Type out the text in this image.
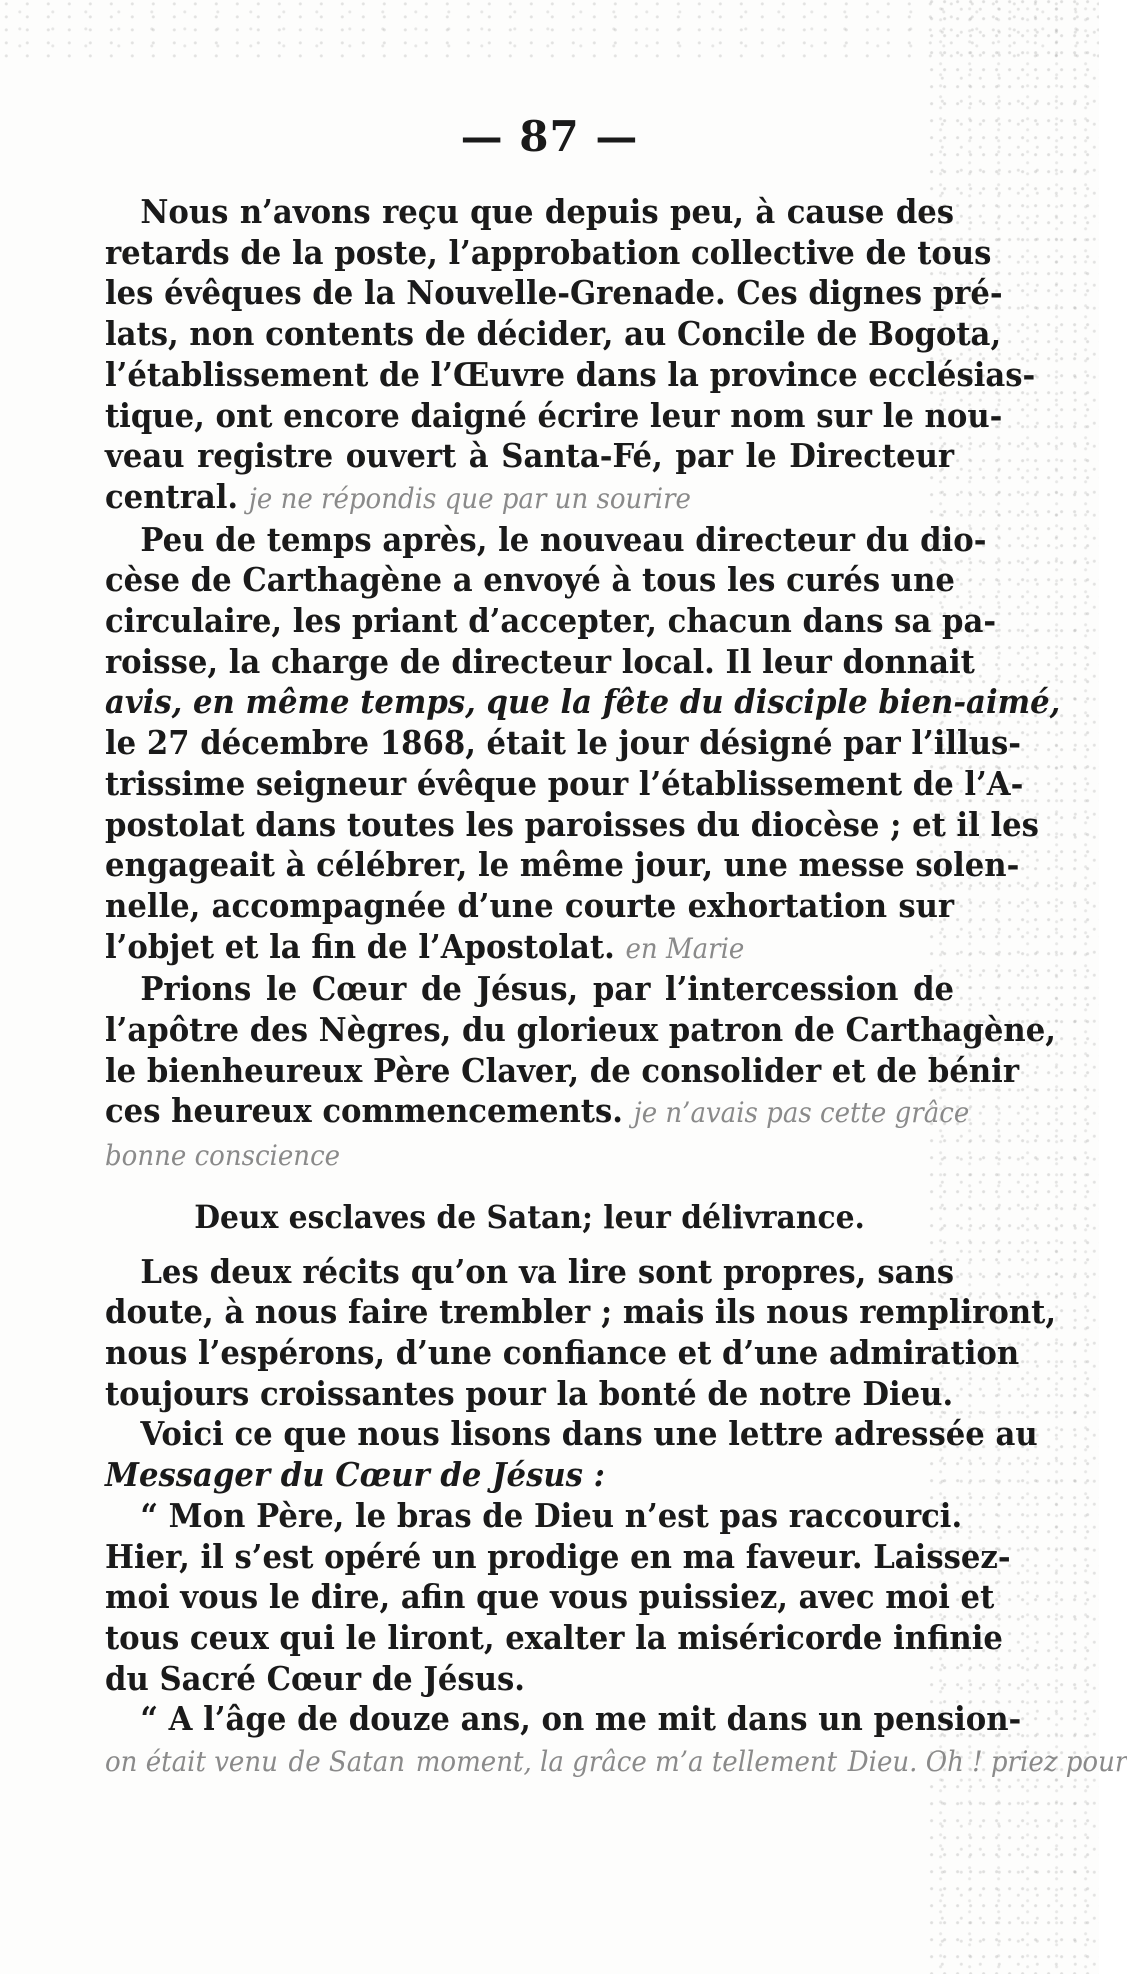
— 87 —
Nous n’avons reçu que depuis peu, à cause des
retards de la poste, l’approbation collective de tous
les évêques de la Nouvelle-Grenade. Ces dignes pré-
lats, non contents de décider, au Concile de Bogota,
l’établissement de l’Œuvre dans la province ecclésias-
tique, ont encore daigné écrire leur nom sur le nou-
veau registre ouvert à Santa-Fé, par le Directeur
central. je ne répondis que par un sourire
Peu de temps après, le nouveau directeur du dio-
cèse de Carthagène a envoyé à tous les curés une
circulaire, les priant d’accepter, chacun dans sa pa-
roisse, la charge de directeur local. Il leur donnait
avis, en même temps, que la fête du disciple bien-aimé,
le 27 décembre 1868, était le jour désigné par l’illus-
trissime seigneur évêque pour l’établissement de l’A-
postolat dans toutes les paroisses du diocèse ; et il les
engageait à célébrer, le même jour, une messe solen-
nelle, accompagnée d’une courte exhortation sur
l’objet et la fin de l’Apostolat. en Marie
Prions le Cœur de Jésus, par l’intercession de
l’apôtre des Nègres, du glorieux patron de Carthagène,
le bienheureux Père Claver, de consolider et de bénir
ces heureux commencements. je n’avais pas cette grâce
bonne conscience
Deux esclaves de Satan; leur délivrance.
Les deux récits qu’on va lire sont propres, sans
doute, à nous faire trembler ; mais ils nous rempliront,
nous l’espérons, d’une confiance et d’une admiration
toujours croissantes pour la bonté de notre Dieu.
Voici ce que nous lisons dans une lettre adressée au
Messager du Cœur de Jésus :
“ Mon Père, le bras de Dieu n’est pas raccourci.
Hier, il s’est opéré un prodige en ma faveur. Laissez-
moi vous le dire, afin que vous puissiez, avec moi et
tous ceux qui le liront, exalter la miséricorde infinie
du Sacré Cœur de Jésus.
“ A l’âge de douze ans, on me mit dans un pension-
on était venu de Satan moment, la grâce m’a tellement Dieu. Oh ! priez pour
